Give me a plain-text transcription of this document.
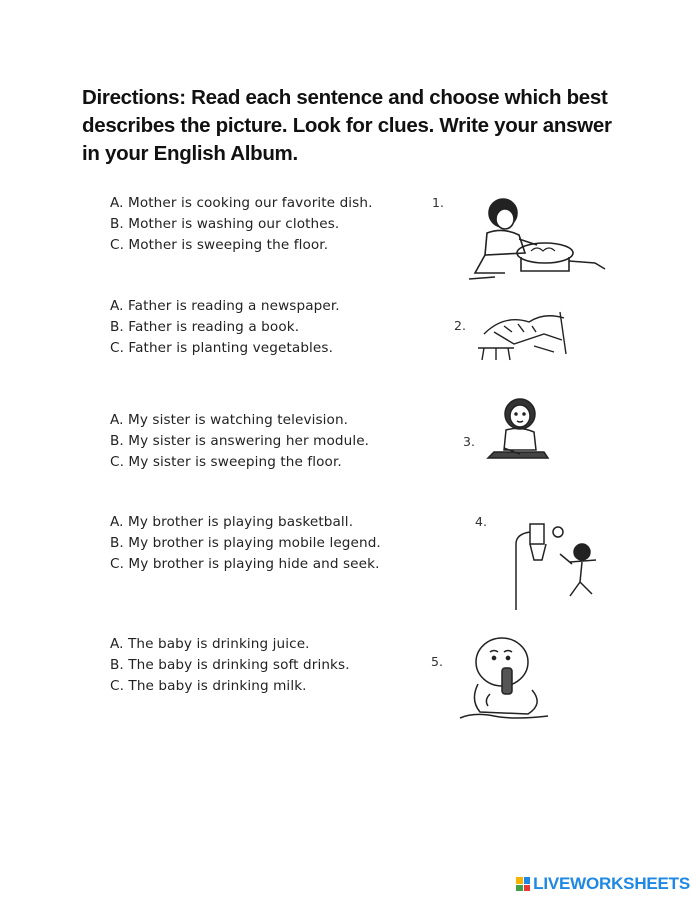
Directions: Read each sentence and choose which best describes the picture. Look for clues. Write your answer in your English Album.
A. Mother is cooking our favorite dish.
B. Mother is washing our clothes.
C. Mother is sweeping the floor.
1.
A. Father is reading a newspaper.
B. Father is reading a book.
C. Father is planting vegetables.
2.
A. My sister is watching television.
B. My sister is answering her module.
C. My sister is sweeping the floor.
3.
A. My brother is playing basketball.
B. My brother is playing mobile legend.
C. My brother is playing hide and seek.
4.
A. The baby is drinking juice.
B. The baby is drinking soft drinks.
C. The baby is drinking milk.
5.
LIVEWORKSHEETS
